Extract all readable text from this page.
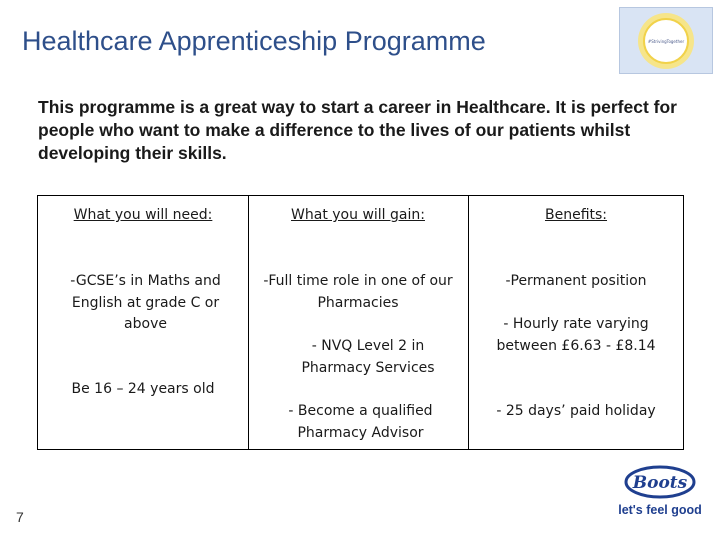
Healthcare Apprenticeship Programme	#StrivingTogether
This programme is a great way to start a career in Healthcare. It is perfect for people who want to make a difference to the lives of our patients whilst developing their skills.
What you will need:
-GCSE’s in Maths and English at grade C or above
Be 16 – 24 years old
What you will gain:
-Full time role in one of our Pharmacies
- NVQ Level 2 in Pharmacy Services
- Become a qualified Pharmacy Advisor
Benefits:
-Permanent position
- Hourly rate varying between £6.63 - £8.14
- 25 days’ paid holiday
7
Boots
let's feel good
